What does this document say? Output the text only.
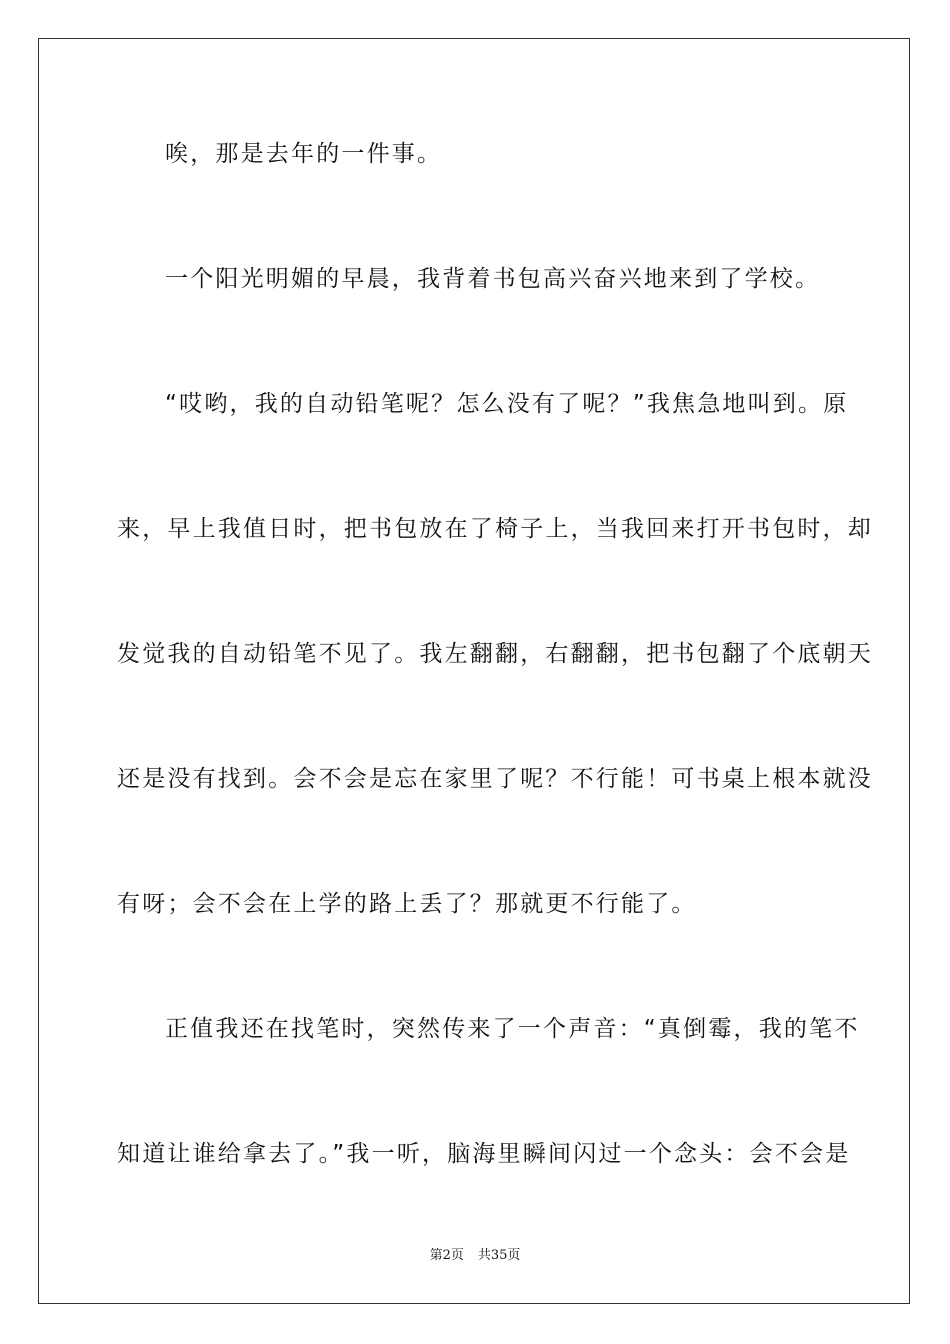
唉，那是去年的一件事。
一个阳光明媚的早晨，我背着书包高兴奋兴地来到了学校。
“哎哟，我的自动铅笔呢？怎么没有了呢？”我焦急地叫到。原
来，早上我值日时，把书包放在了椅子上，当我回来打开书包时，却
发觉我的自动铅笔不见了。我左翻翻，右翻翻，把书包翻了个底朝天
还是没有找到。会不会是忘在家里了呢？不行能！可书桌上根本就没
有呀；会不会在上学的路上丢了？那就更不行能了。
正值我还在找笔时，突然传来了一个声音：“真倒霉，我的笔不
知道让谁给拿去了。”我一听，脑海里瞬间闪过一个念头：会不会是
第2页 共35页
